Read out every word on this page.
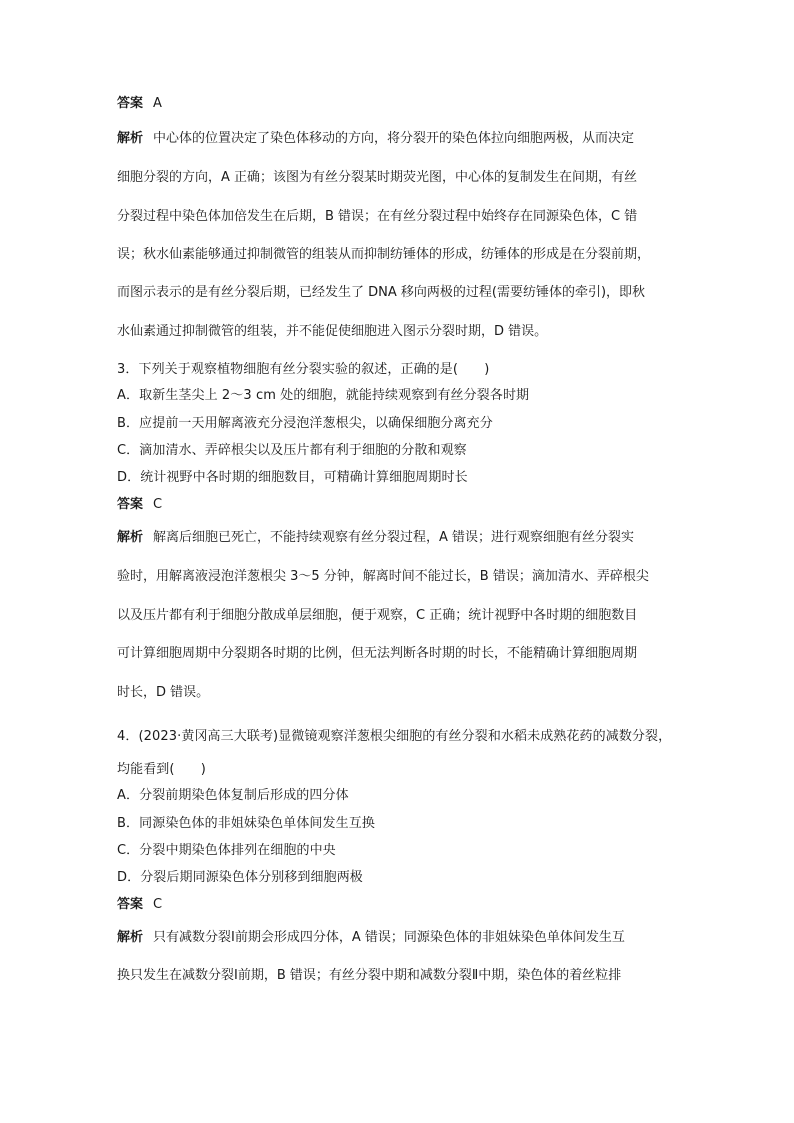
答案 A
解析 中心体的位置决定了染色体移动的方向，将分裂开的染色体拉向细胞两极，从而决定
细胞分裂的方向，A 正确；该图为有丝分裂某时期荧光图，中心体的复制发生在间期，有丝
分裂过程中染色体加倍发生在后期，B 错误；在有丝分裂过程中始终存在同源染色体，C 错
误；秋水仙素能够通过抑制微管的组装从而抑制纺锤体的形成，纺锤体的形成是在分裂前期，
而图示表示的是有丝分裂后期，已经发生了 DNA 移向两极的过程(需要纺锤体的牵引)，即秋
水仙素通过抑制微管的组装，并不能促使细胞进入图示分裂时期，D 错误。
3．下列关于观察植物细胞有丝分裂实验的叙述，正确的是(　　)
A．取新生茎尖上 2～3 cm 处的细胞，就能持续观察到有丝分裂各时期
B．应提前一天用解离液充分浸泡洋葱根尖，以确保细胞分离充分
C．滴加清水、弄碎根尖以及压片都有利于细胞的分散和观察
D．统计视野中各时期的细胞数目，可精确计算细胞周期时长
答案 C
解析 解离后细胞已死亡，不能持续观察有丝分裂过程，A 错误；进行观察细胞有丝分裂实
验时，用解离液浸泡洋葱根尖 3～5 分钟，解离时间不能过长，B 错误；滴加清水、弄碎根尖
以及压片都有利于细胞分散成单层细胞，便于观察，C 正确；统计视野中各时期的细胞数目
可计算细胞周期中分裂期各时期的比例，但无法判断各时期的时长，不能精确计算细胞周期
时长，D 错误。
4．(2023·黄冈高三大联考)显微镜观察洋葱根尖细胞的有丝分裂和水稻未成熟花药的减数分裂，
均能看到(　　)
A．分裂前期染色体复制后形成的四分体
B．同源染色体的非姐妹染色单体间发生互换
C．分裂中期染色体排列在细胞的中央
D．分裂后期同源染色体分别移到细胞两极
答案 C
解析 只有减数分裂Ⅰ前期会形成四分体，A 错误；同源染色体的非姐妹染色单体间发生互
换只发生在减数分裂Ⅰ前期，B 错误；有丝分裂中期和减数分裂Ⅱ中期，染色体的着丝粒排
